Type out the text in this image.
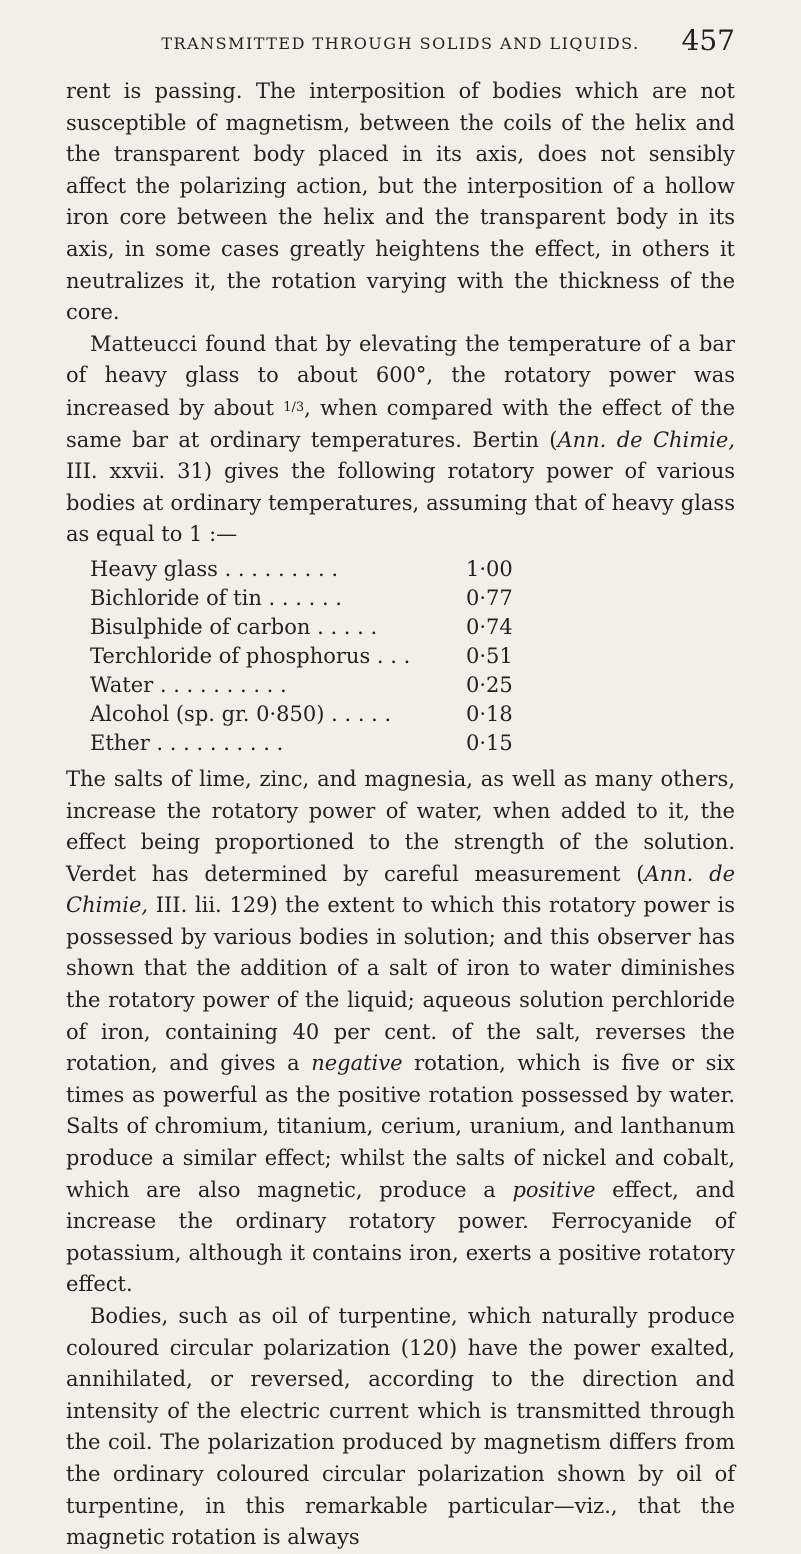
TRANSMITTED THROUGH SOLIDS AND LIQUIDS.	457

rent is passing. The interposition of bodies which are not susceptible of magnetism, between the coils of the helix and the transparent body placed in its axis, does not sensibly affect the polarizing action, but the interposition of a hollow iron core between the helix and the transparent body in its axis, in some cases greatly heightens the effect, in others it neutralizes it, the rotation varying with the thickness of the core.

Matteucci found that by elevating the temperature of a bar of heavy glass to about 600°, the rotatory power was increased by about 1/3, when compared with the effect of the same bar at ordinary temperatures. Bertin (Ann. de Chimie, III. xxvii. 31) gives the following rotatory power of various bodies at ordinary temperatures, assuming that of heavy glass as equal to 1 :—

Heavy glass . . . . . . . . .	1·00
Bichloride of tin . . . . . .	0·77
Bisulphide of carbon . . . . .	0·74
Terchloride of phosphorus . . .	0·51
Water . . . . . . . . . .	0·25
Alcohol (sp. gr. 0·850) . . . . .	0·18
Ether . . . . . . . . . .	0·15

The salts of lime, zinc, and magnesia, as well as many others, increase the rotatory power of water, when added to it, the effect being proportioned to the strength of the solution. Verdet has determined by careful measurement (Ann. de Chimie, III. lii. 129) the extent to which this rotatory power is possessed by various bodies in solution; and this observer has shown that the addition of a salt of iron to water diminishes the rotatory power of the liquid; aqueous solution perchloride of iron, containing 40 per cent. of the salt, reverses the rotation, and gives a negative rotation, which is five or six times as powerful as the positive rotation possessed by water. Salts of chromium, titanium, cerium, uranium, and lanthanum produce a similar effect; whilst the salts of nickel and cobalt, which are also magnetic, produce a positive effect, and increase the ordinary rotatory power. Ferrocyanide of potassium, although it contains iron, exerts a positive rotatory effect.

Bodies, such as oil of turpentine, which naturally produce coloured circular polarization (120) have the power exalted, annihilated, or reversed, according to the direction and intensity of the electric current which is transmitted through the coil. The polarization produced by magnetism differs from the ordinary coloured circular polarization shown by oil of turpentine, in this remarkable particular—viz., that the magnetic rotation is always
